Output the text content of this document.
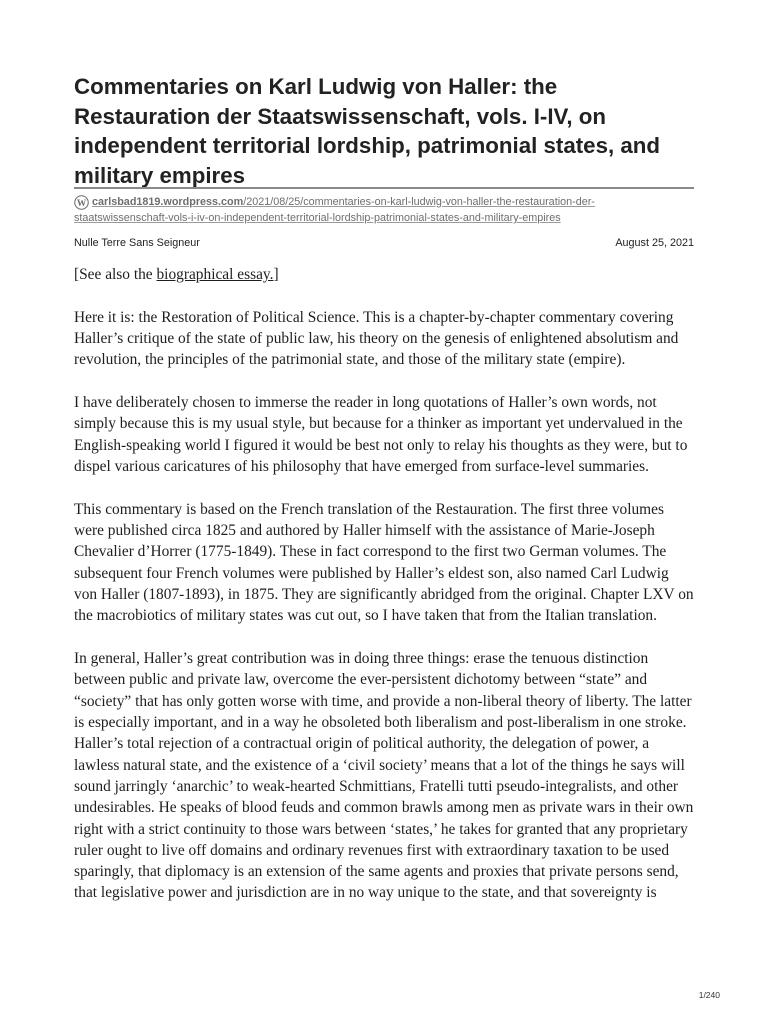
Commentaries on Karl Ludwig von Haller: the Restauration der Staatswissenschaft, vols. I-IV, on independent territorial lordship, patrimonial states, and military empires
W carlsbad1819.wordpress.com/2021/08/25/commentaries-on-karl-ludwig-von-haller-the-restauration-der-
staatswissenschaft-vols-i-iv-on-independent-territorial-lordship-patrimonial-states-and-military-empires
Nulle Terre Sans Seigneur	August 25, 2021

[See also the biographical essay.]

Here it is: the Restoration of Political Science. This is a chapter-by-chapter commentary covering Haller’s critique of the state of public law, his theory on the genesis of enlightened absolutism and revolution, the principles of the patrimonial state, and those of the military state (empire).

I have deliberately chosen to immerse the reader in long quotations of Haller’s own words, not simply because this is my usual style, but because for a thinker as important yet undervalued in the English-speaking world I figured it would be best not only to relay his thoughts as they were, but to dispel various caricatures of his philosophy that have emerged from surface-level summaries.

This commentary is based on the French translation of the Restauration. The first three volumes were published circa 1825 and authored by Haller himself with the assistance of Marie-Joseph Chevalier d’Horrer (1775-1849). These in fact correspond to the first two German volumes. The subsequent four French volumes were published by Haller’s eldest son, also named Carl Ludwig von Haller (1807-1893), in 1875. They are significantly abridged from the original. Chapter LXV on the macrobiotics of military states was cut out, so I have taken that from the Italian translation.

In general, Haller’s great contribution was in doing three things: erase the tenuous distinction between public and private law, overcome the ever-persistent dichotomy between “state” and “society” that has only gotten worse with time, and provide a non-liberal theory of liberty. The latter is especially important, and in a way he obsoleted both liberalism and post-liberalism in one stroke. Haller’s total rejection of a contractual origin of political authority, the delegation of power, a lawless natural state, and the existence of a ‘civil society’ means that a lot of the things he says will sound jarringly ‘anarchic’ to weak-hearted Schmittians, Fratelli tutti pseudo-integralists, and other undesirables. He speaks of blood feuds and common brawls among men as private wars in their own right with a strict continuity to those wars between ‘states,’ he takes for granted that any proprietary ruler ought to live off domains and ordinary revenues first with extraordinary taxation to be used sparingly, that diplomacy is an extension of the same agents and proxies that private persons send, that legislative power and jurisdiction are in no way unique to the state, and that sovereignty is

1/240
